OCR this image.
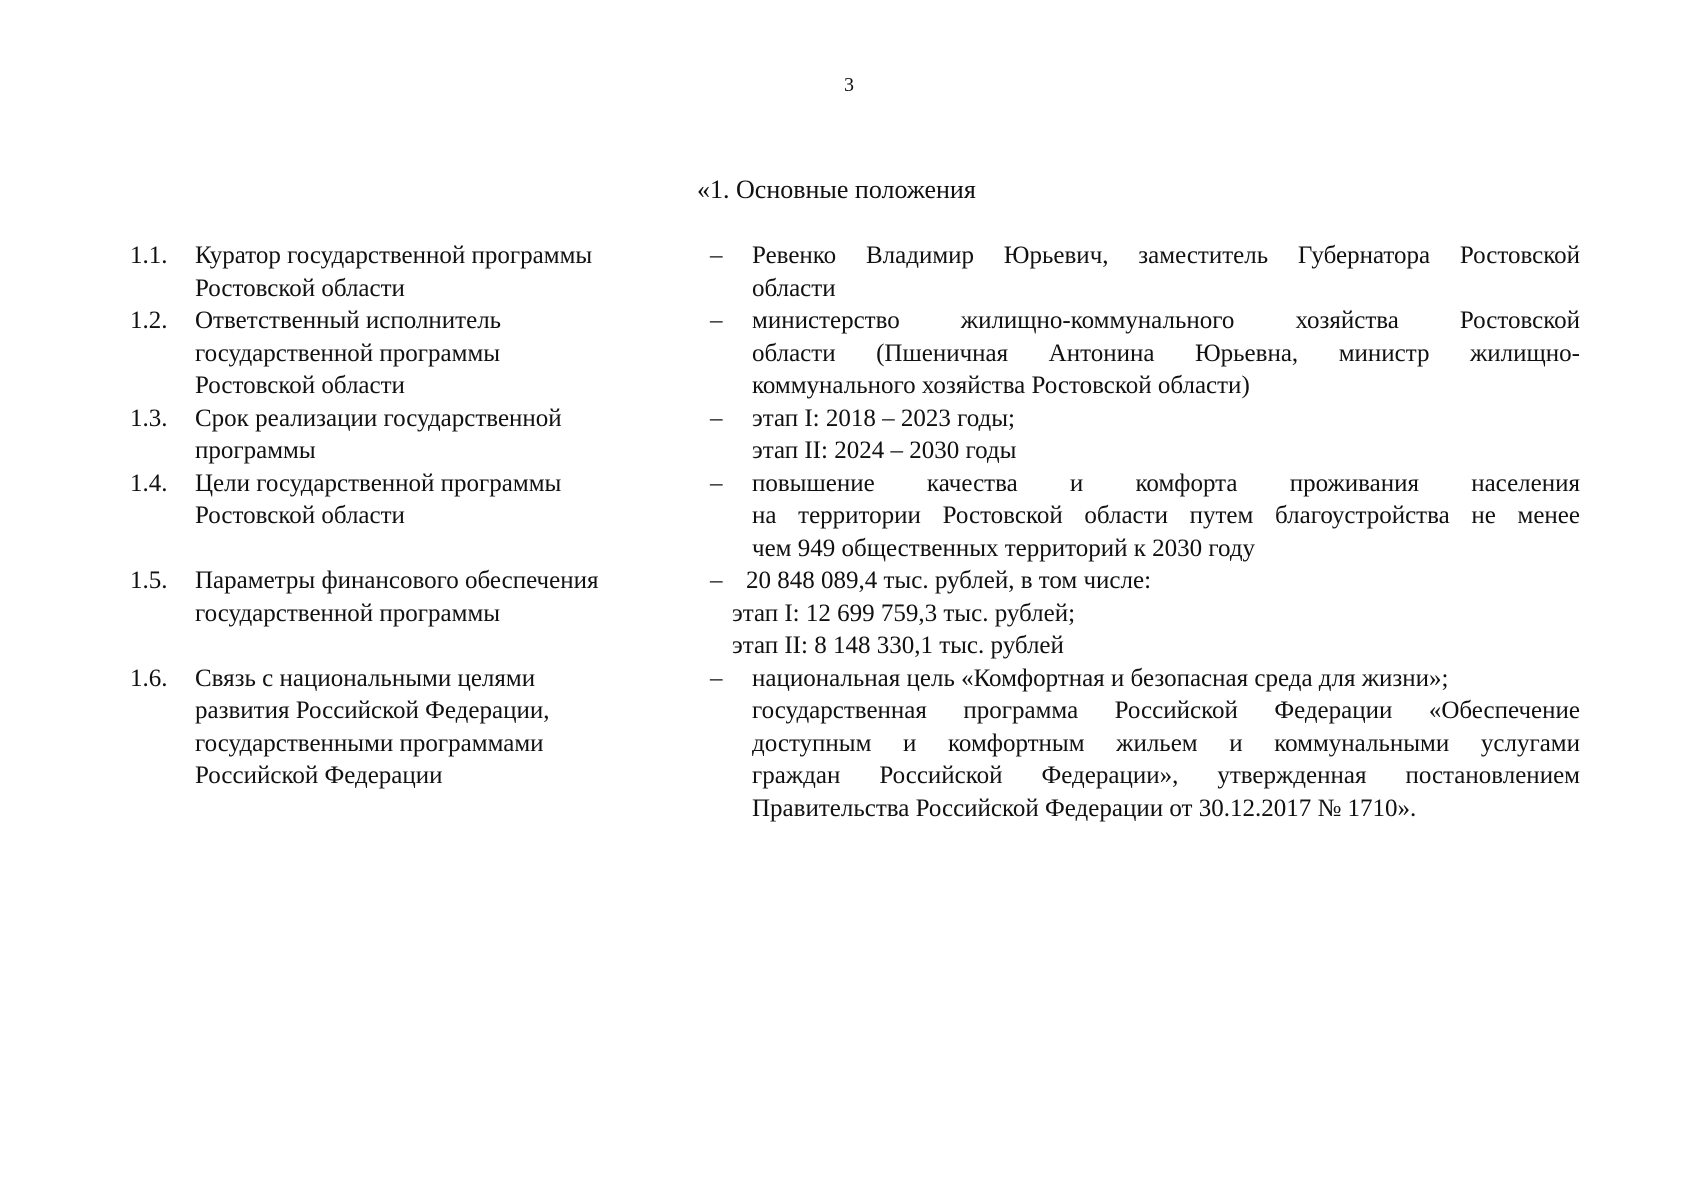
3
«1. Основные положения
1.1. Куратор государственной программы
Ростовской области
– Ревенко Владимир Юрьевич, заместитель Губернатора Ростовской
области
1.2. Ответственный исполнитель
государственной программы
Ростовской области
– министерство жилищно-коммунального хозяйства Ростовской
области (Пшеничная Антонина Юрьевна, министр жилищно-
коммунального хозяйства Ростовской области)
1.3. Срок реализации государственной
программы
– этап I: 2018 – 2023 годы;
этап II: 2024 – 2030 годы
1.4. Цели государственной программы
Ростовской области
– повышение качества и комфорта проживания населения
на территории Ростовской области путем благоустройства не менее
чем 949 общественных территорий к 2030 году
1.5. Параметры финансового обеспечения
государственной программы
– 20 848 089,4 тыс. рублей, в том числе:
этап I: 12 699 759,3 тыс. рублей;
этап II: 8 148 330,1 тыс. рублей
1.6. Связь с национальными целями
развития Российской Федерации,
государственными программами
Российской Федерации
– национальная цель «Комфортная и безопасная среда для жизни»;
государственная программа Российской Федерации «Обеспечение
доступным и комфортным жильем и коммунальными услугами
граждан Российской Федерации», утвержденная постановлением
Правительства Российской Федерации от 30.12.2017 № 1710».
